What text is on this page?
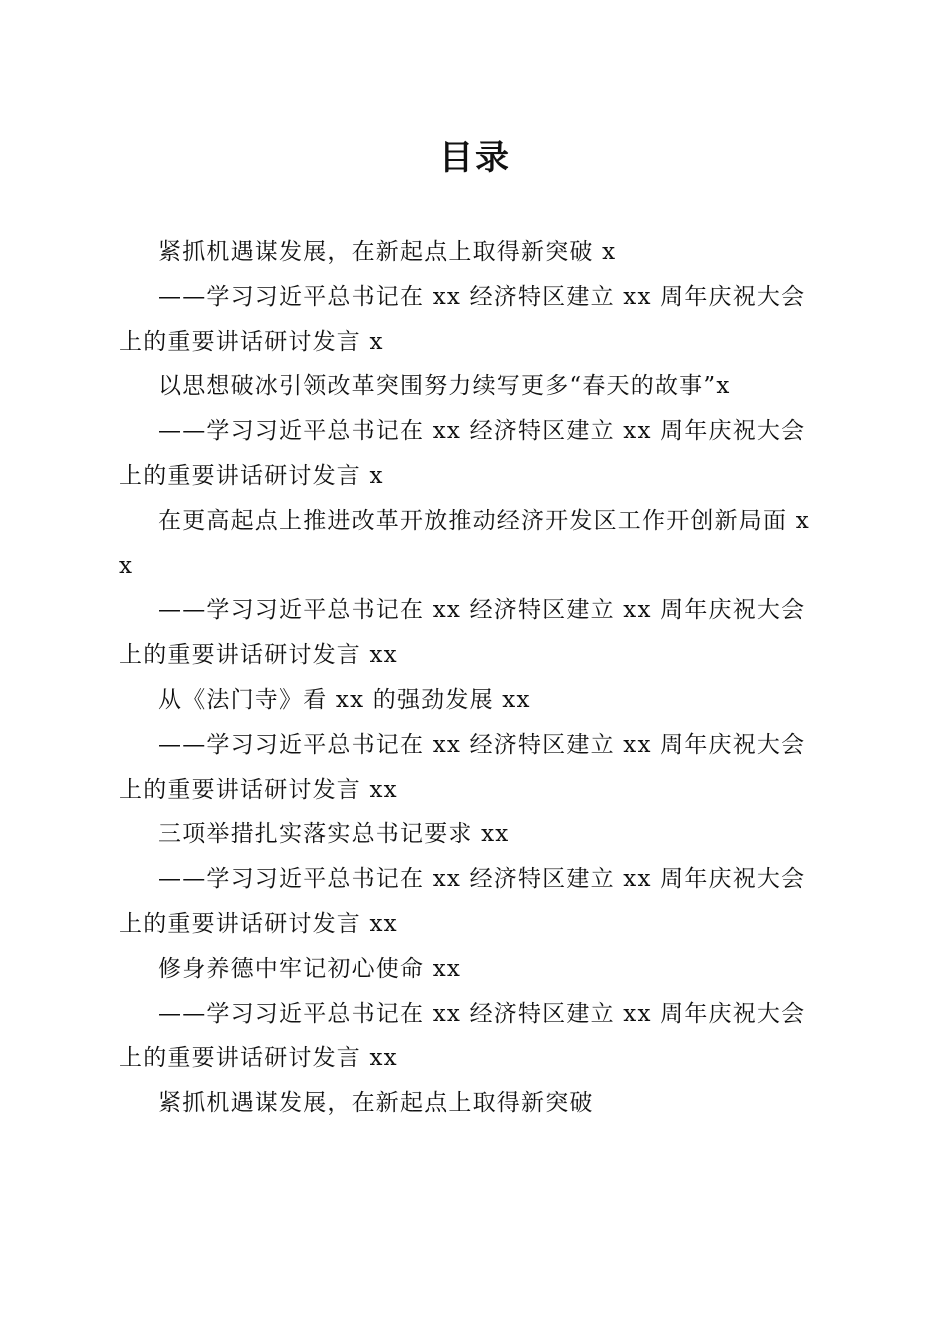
目录

紧抓机遇谋发展，在新起点上取得新突破 x

——学习习近平总书记在 xx 经济特区建立 xx 周年庆祝大会上的重要讲话研讨发言 x

以思想破冰引领改革突围努力续写更多“春天的故事”x

——学习习近平总书记在 xx 经济特区建立 xx 周年庆祝大会上的重要讲话研讨发言 x

在更高起点上推进改革开放推动经济开发区工作开创新局面 xx

——学习习近平总书记在 xx 经济特区建立 xx 周年庆祝大会上的重要讲话研讨发言 xx

从《法门寺》看 xx 的强劲发展 xx

——学习习近平总书记在 xx 经济特区建立 xx 周年庆祝大会上的重要讲话研讨发言 xx

三项举措扎实落实总书记要求 xx

——学习习近平总书记在 xx 经济特区建立 xx 周年庆祝大会上的重要讲话研讨发言 xx

修身养德中牢记初心使命 xx

——学习习近平总书记在 xx 经济特区建立 xx 周年庆祝大会上的重要讲话研讨发言 xx

紧抓机遇谋发展，在新起点上取得新突破
